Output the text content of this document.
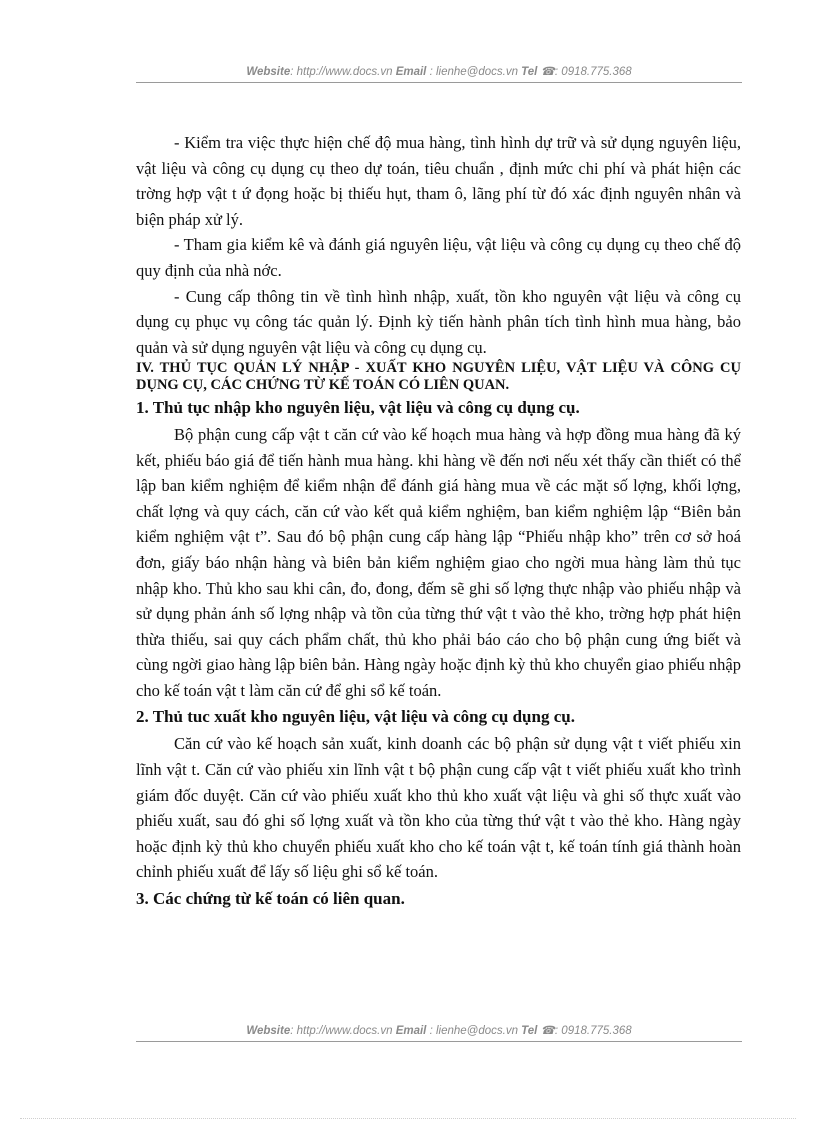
Website: http://www.docs.vn Email : lienhe@docs.vn Tel ☎: 0918.775.368

- Kiểm tra việc thực hiện chế độ mua hàng, tình hình dự trữ và sử dụng nguyên liệu, vật liệu và công cụ dụng cụ theo dự toán, tiêu chuẩn , định mức chi phí và phát hiện các trờng hợp vật t ứ đọng hoặc bị thiếu hụt, tham ô, lãng phí từ đó xác định nguyên nhân và biện pháp xử lý.

- Tham gia kiểm kê và đánh giá nguyên liệu, vật liệu và công cụ dụng cụ theo chế độ quy định của nhà nớc.

- Cung cấp thông tin về tình hình nhập, xuất, tồn kho nguyên vật liệu và công cụ dụng cụ phục vụ công tác quản lý. Định kỳ tiến hành phân tích tình hình mua hàng, bảo quản và sử dụng nguyên vật liệu và công cụ dụng cụ.

IV. THỦ TỤC QUẢN LÝ NHẬP - XUẤT KHO NGUYÊN LIỆU, VẬT LIỆU VÀ CÔNG CỤ DỤNG CỤ, CÁC CHỨNG TỪ KẾ TOÁN CÓ LIÊN QUAN.

1. Thủ tục nhập kho nguyên liệu, vật liệu và công cụ dụng cụ.

Bộ phận cung cấp vật t căn cứ vào kế hoạch mua hàng và hợp đồng mua hàng đã ký kết, phiếu báo giá để tiến hành mua hàng. khi hàng về đến nơi nếu xét thấy cần thiết có thể lập ban kiểm nghiệm để kiểm nhận để đánh giá hàng mua về các mặt số lợng, khối lợng, chất lợng và quy cách, căn cứ vào kết quả kiểm nghiệm, ban kiểm nghiệm lập “Biên bản kiểm nghiệm vật t”. Sau đó bộ phận cung cấp hàng lập “Phiếu nhập kho” trên cơ sở hoá đơn, giấy báo nhận hàng và biên bản kiểm nghiệm giao cho ngời mua hàng làm thủ tục nhập kho. Thủ kho sau khi cân, đo, đong, đếm sẽ ghi số lợng thực nhập vào phiếu nhập và sử dụng phản ánh số lợng nhập và tồn của từng thứ vật t vào thẻ kho, trờng hợp phát hiện thừa thiếu, sai quy cách phẩm chất, thủ kho phải báo cáo cho bộ phận cung ứng biết và cùng ngời giao hàng lập biên bản. Hàng ngày hoặc định kỳ thủ kho chuyển giao phiếu nhập cho kế toán vật t làm căn cứ để ghi sổ kế toán.

2. Thủ tuc xuất kho nguyên liệu, vật liệu và công cụ dụng cụ.

Căn cứ vào kế hoạch sản xuất, kinh doanh các bộ phận sử dụng vật t viết phiếu xin lĩnh vật t. Căn cứ vào phiếu xin lĩnh vật t bộ phận cung cấp vật t viết phiếu xuất kho trình giám đốc duyệt. Căn cứ vào phiếu xuất kho thủ kho xuất vật liệu và ghi số thực xuất vào phiếu xuất, sau đó ghi số lợng xuất và tồn kho của từng thứ vật t vào thẻ kho. Hàng ngày hoặc định kỳ thủ kho chuyển phiếu xuất kho cho kế toán vật t, kế toán tính giá thành hoàn chỉnh phiếu xuất để lấy số liệu ghi sổ kế toán.

3. Các chứng từ kế toán có liên quan.

Website: http://www.docs.vn Email : lienhe@docs.vn Tel ☎: 0918.775.368
